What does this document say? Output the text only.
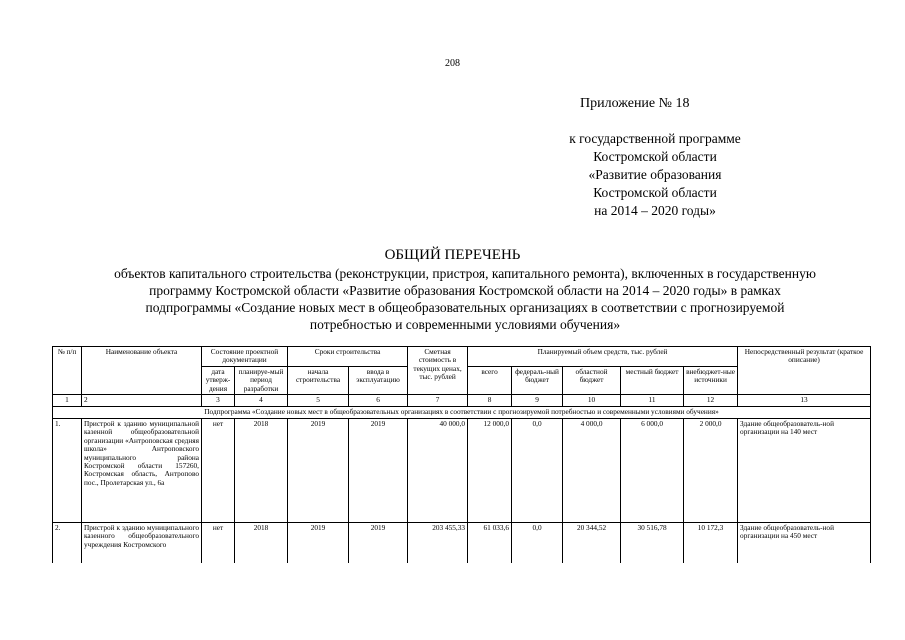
208
Приложение № 18
к государственной программе
Костромской области
«Развитие образования
Костромской области
на 2014 – 2020 годы»
ОБЩИЙ ПЕРЕЧЕНЬ
объектов капитального строительства (реконструкции, пристроя, капитального ремонта), включенных в государственную
программу Костромской области «Развитие образования Костромской области на 2014 – 2020 годы» в рамках
подпрограммы «Создание новых мест в общеобразовательных организациях в соответствии с прогнозируемой
потребностью и современными условиями обучения»
№ п/п	Наименование объекта	Состояние проектной документации		Сроки строительства		Сметная стоимость в текущих ценах, тыс. рублей	Планируемый объем средств, тыс. рублей					Непосредственный результат (краткое описание)
		дата утверж-дения	планируе-мый период разработки	начала строительства	ввода в эксплуатацию		всего	федераль-ный бюджет	областной бюджет	местный бюджет	внебюджет-ные источники	
1	2	3	4	5	6	7	8	9	10	11	12	13
Подпрограмма «Создание новых мест в общеобразовательных организациях в соответствии с прогнозируемой потребностью и современными условиями обучения»												
1.	Пристрой к зданию муниципальной казенной общеобразовательной организации «Антроповская средняя школа» Антроповского муниципального района Костромской области 157260, Костромская область, Антропово пос., Пролетарская ул., 6а	нет	2018	2019	2019	40 000,0	12 000,0	0,0	4 000,0	6 000,0	2 000,0	Здание общеобразователь-ной организации на 140 мест
2.	Пристрой к зданию муниципального казенного общеобразовательного учреждения Костромского	нет	2018	2019	2019	203 455,33	61 033,6	0,0	20 344,52	30 516,78	10 172,3	Здание общеобразователь-ной организации на 450 мест
